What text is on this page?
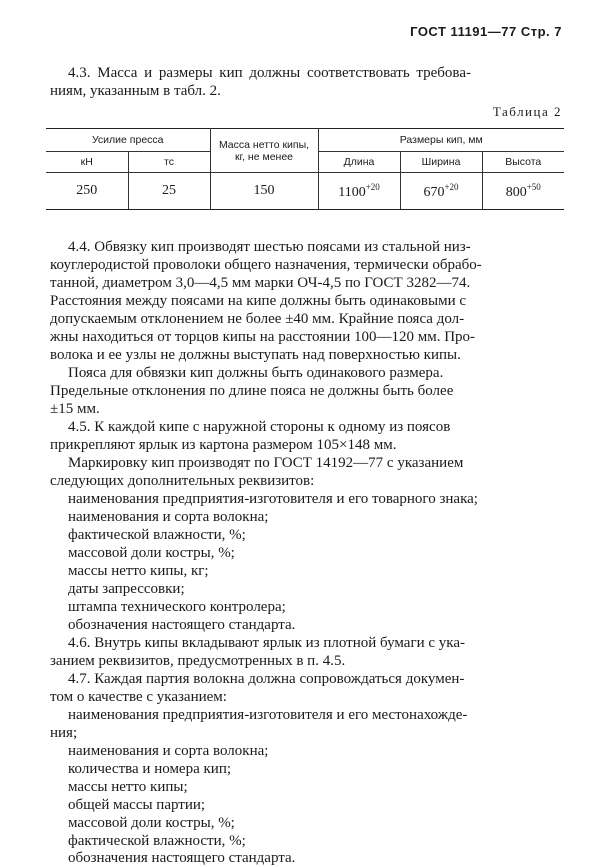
ГОСТ 11191—77 Стр. 7
4.3. Масса и размеры кип должны соответствовать требова-
ниям, указанным в табл. 2.
Таблица 2
Усилие пресса		Масса нетто кипы, кг, не менее	Размеры кип, мм		
кН	тс		Длина	Ширина	Высота
250	25	150	$1100^{+20}$	$670^{+20}$	$800^{+50}$
4.4. Обвязку кип производят шестью поясами из стальной низ-
коуглеродистой проволоки общего назначения, термически обрабо-
танной, диаметром 3,0—4,5 мм марки ОЧ-4,5 по ГОСТ 3282—74.
Расстояния между поясами на кипе должны быть одинаковыми с
допускаемым отклонением не более ±40 мм. Крайние пояса дол-
жны находиться от торцов кипы на расстоянии 100—120 мм. Про-
волока и ее узлы не должны выступать над поверхностью кипы.
Пояса для обвязки кип должны быть одинакового размера.
Предельные отклонения по длине пояса не должны быть более
±15 мм.
4.5. К каждой кипе с наружной стороны к одному из поясов
прикрепляют ярлык из картона размером 105×148 мм.
Маркировку кип производят по ГОСТ 14192—77 с указанием
следующих дополнительных реквизитов:
наименования предприятия-изготовителя и его товарного знака;
наименования и сорта волокна;
фактической влажности, %;
массовой доли костры, %;
массы нетто кипы, кг;
даты запрессовки;
штампа технического контролера;
обозначения настоящего стандарта.
4.6. Внутрь кипы вкладывают ярлык из плотной бумаги с ука-
занием реквизитов, предусмотренных в п. 4.5.
4.7. Каждая партия волокна должна сопровождаться докумен-
том о качестве с указанием:
наименования предприятия-изготовителя и его местонахожде-
ния;
наименования и сорта волокна;
количества и номера кип;
массы нетто кипы;
общей массы партии;
массовой доли костры, %;
фактической влажности, %;
обозначения настоящего стандарта.
